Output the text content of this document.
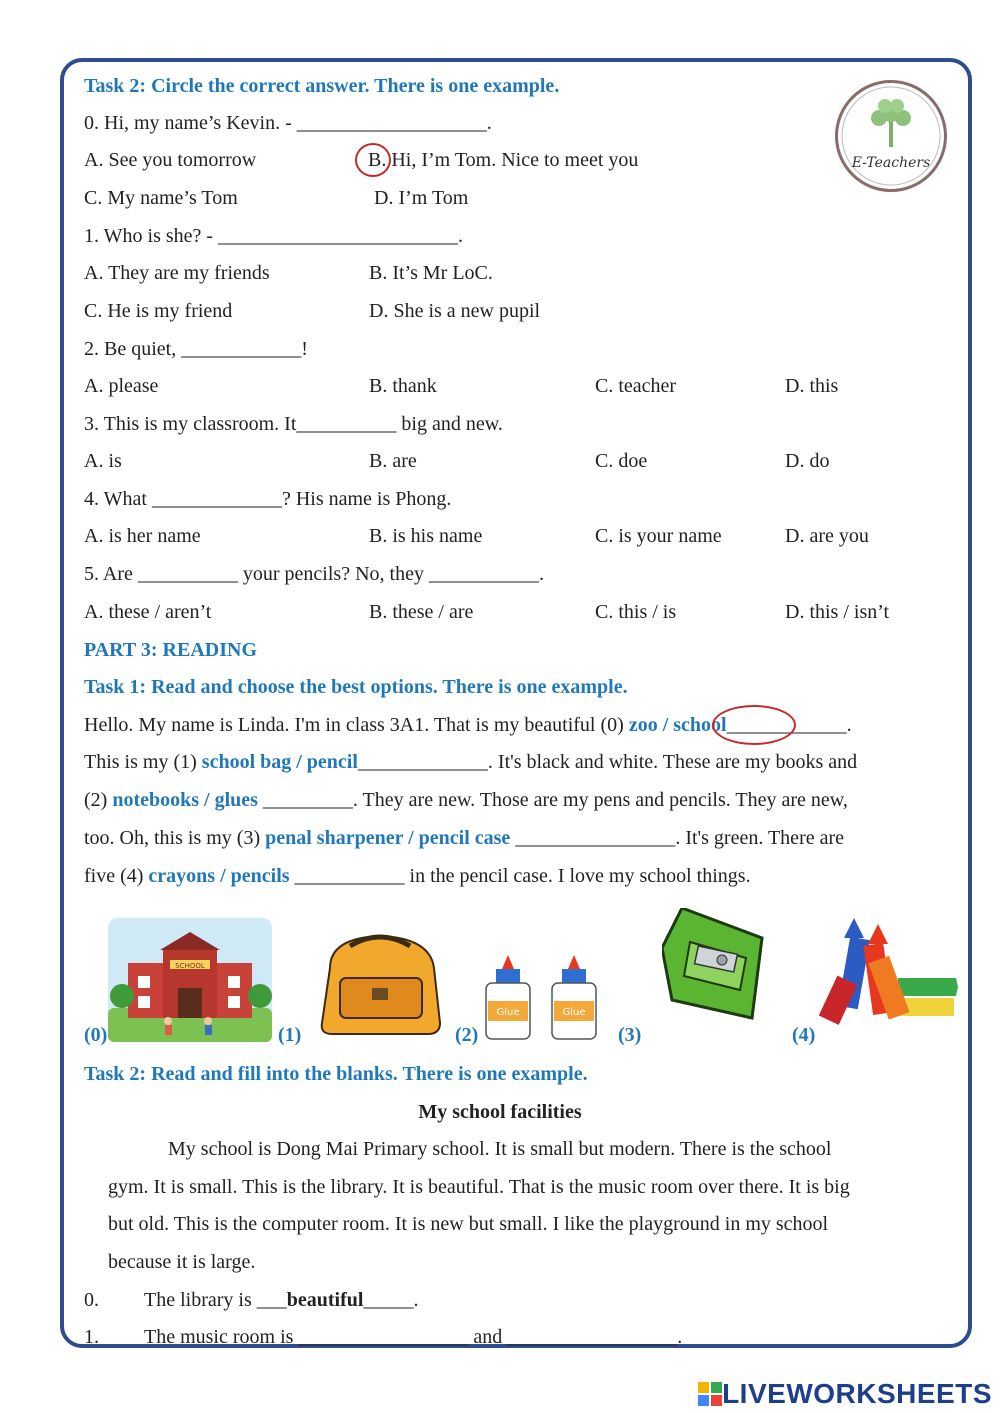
E-Teachers
Task 2: Circle the correct answer. There is one example.
0. Hi, my name’s Kevin. - ___________________.
A. See you tomorrow	B. Hi, I’m Tom. Nice to meet you
C. My name’s Tom	D. I’m Tom
1. Who is she? - ________________________.
A. They are my friends	B. It’s Mr LoC.
C. He is my friend	D. She is a new pupil
2. Be quiet, ____________!
A. please	B. thank	C. teacher	D. this
3. This is my classroom. It__________ big and new.
A. is	B. are	C. doe	D. do
4. What _____________? His name is Phong.
A. is her name	B. is his name	C. is your name	D. are you
5. Are __________ your pencils? No, they ___________.
A. these / aren’t	B. these / are	C. this / is	D. this / isn’t
PART 3: READING
Task 1: Read and choose the best options. There is one example.
Hello. My name is Linda. I'm in class 3A1. That is my beautiful (0) zoo / school____________.
This is my (1) school bag / pencil_____________. It's black and white. These are my books and
(2) notebooks / glues _________. They are new. Those are my pens and pencils. They are new,
too. Oh, this is my (3) penal sharpener / pencil case ________________. It's green. There are
five (4) crayons / pencils ___________ in the pencil case. I love my school things.
SCHOOL
Glue	Glue
(0)	(1)	(2)	(3)	(4)
Task 2: Read and fill into the blanks. There is one example.
My school facilities
My school is Dong Mai Primary school. It is small but modern. There is the school
gym. It is small. This is the library. It is beautiful. That is the music room over there. It is big
but old. This is the computer room. It is new but small. I like the playground in my school
because it is large.
0. The library is ___beautiful_____.
1. The music room is _________________ and _________________.
LIVEWORKSHEETS
